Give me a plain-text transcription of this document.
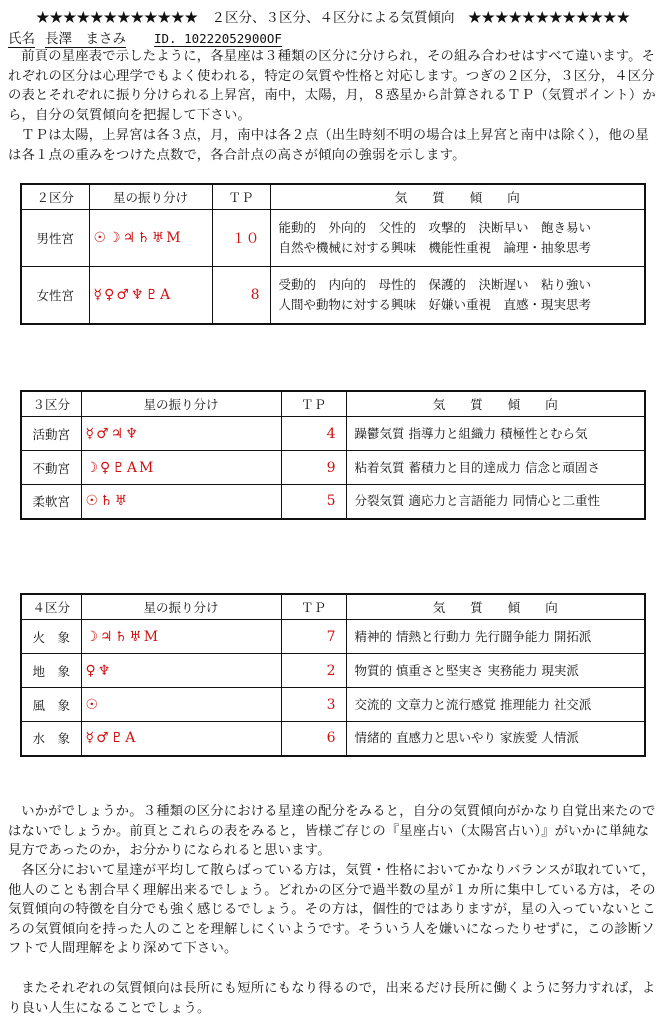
★★★★★★★★★★★★　２区分、３区分、４区分による気質傾向　★★★★★★★★★★★★
氏名 長澤　まさみ ID. 10222052900OF

前頁の星座表で示したように，各星座は３種類の区分に分けられ，その組み合わせはすべて違います。それぞれの区分は心理学でもよく使われる，特定の気質や性格と対応します。つぎの２区分，３区分，４区分の表とそれぞれに振り分けられる上昇宮，南中，太陽，月，８惑星から計算されるＴＰ（気質ポイント）から，自分の気質傾向を把握して下さい。

ＴＰは太陽，上昇宮は各３点，月，南中は各２点（出生時刻不明の場合は上昇宮と南中は除く），他の星は各１点の重みをつけた点数で，各合計点の高さが傾向の強弱を示します。

２区分	星の振り分け	ＴＰ	気　　質　　傾　　向
男性宮	☉☽♃♄♅M	１０	能動的　外向的　父性的　攻撃的　決断早い　飽き易い
自然や機械に対する興味　機能性重視　論理・抽象思考

女性宮	☿♀♂♆♇A	8	受動的　内向的　母性的　保護的　決断遅い　粘り強い
人間や動物に対する興味　好嫌い重視　直感・現実思考
３区分	星の振り分け	ＴＰ	気　　質　　傾　　向
活動宮	☿♂♃♆	4	躁鬱気質 指導力と組織力 積極性とむら気
不動宮	☽♀♇AM	9	粘着気質 蓄積力と目的達成力 信念と頑固さ
柔軟宮	☉♄♅	5	分裂気質 適応力と言語能力 同情心と二重性
４区分	星の振り分け	ＴＰ	気　　質　　傾　　向
火　象	☽♃♄♅M	7	精神的 情熱と行動力 先行闘争能力 開拓派
地　象	♀♆	2	物質的 慎重さと堅実さ 実務能力 現実派
風　象	☉	3	交流的 文章力と流行感覚 推理能力 社交派
水　象	☿♂♇A	6	情緒的 直感力と思いやり 家族愛 人情派

いかがでしょうか。３種類の区分における星達の配分をみると，自分の気質傾向がかなり自覚出来たのではないでしょうか。前頁とこれらの表をみると，皆様ご存じの『星座占い（太陽宮占い）』がいかに単純な見方であったのか，お分かりになられると思います。

各区分において星達が平均して散らばっている方は，気質・性格においてかなりバランスが取れていて，他人のことも割合早く理解出来るでしょう。どれかの区分で過半数の星が１カ所に集中している方は，その気質傾向の特徴を自分でも強く感じるでしょう。その方は，個性的ではありますが，星の入っていないところの気質傾向を持った人のことを理解しにくいようです。そういう人を嫌いになったりせずに，この診断ソフトで人間理解をより深めて下さい。

またそれぞれの気質傾向は長所にも短所にもなり得るので，出来るだけ長所に働くように努力すれば，より良い人生になることでしょう。
